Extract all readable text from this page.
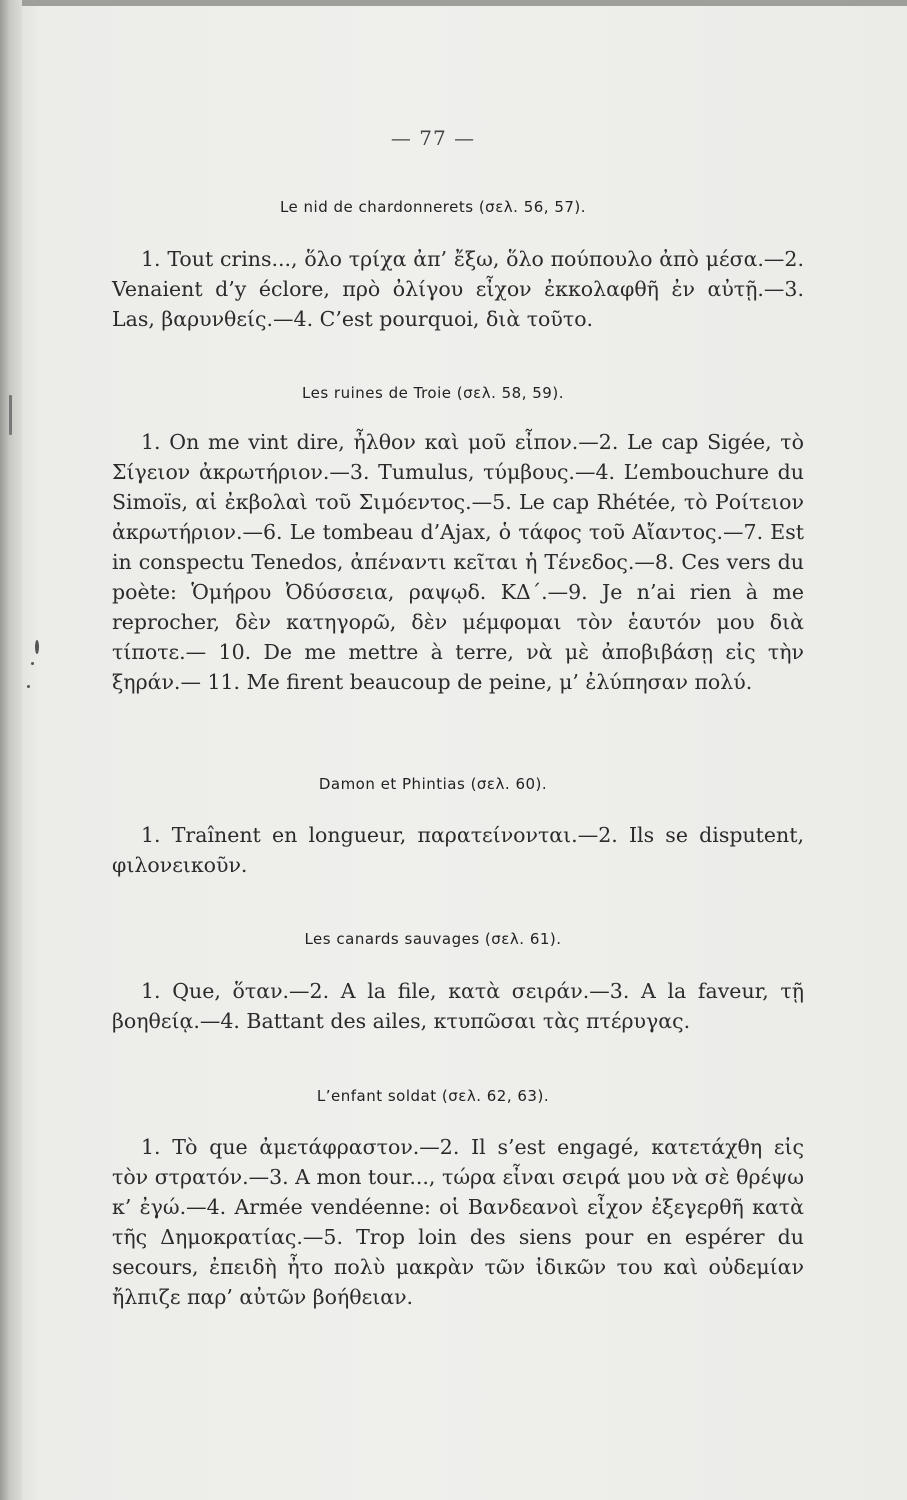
— 77 —
Le nid de chardonnerets (σελ. 56, 57).
1. Tout crins..., ὅλο τρίχα ἀπ’ ἔξω, ὅλο πούπουλο ἀπὸ μέσα.—2. Venaient d’y éclore, πρὸ ὀλίγου εἶχον ἐκκολαφθῆ ἐν αὐτῇ.—3. Las, βαρυνθείς.—4. C’est pourquoi, διὰ τοῦτο.
Les ruines de Troie (σελ. 58, 59).
1. On me vint dire, ἦλθον καὶ μοῦ εἶπον.—2. Le cap Sigée, τὸ Σίγειον ἀκρωτήριον.—3. Tumulus, τύμβους.—4. L’embouchure du Simoïs, αἱ ἐκβολαὶ τοῦ Σιμόεντος.—5. Le cap Rhétée, τὸ Ροίτειον ἀκρωτήριον.—6. Le tombeau d’Ajax, ὁ τάφος τοῦ Αἴαντος.—7. Est in conspectu Tenedos, ἀπέναντι κεῖται ἡ Τένεδος.—8. Ces vers du poète: Ὁμήρου Ὀδύσσεια, ραψῳδ. ΚΔ΄.—9. Je n’ai rien à me reprocher, δὲν κατηγορῶ, δὲν μέμφομαι τὸν ἑαυτόν μου διὰ τίποτε.— 10. De me mettre à terre, νὰ μὲ ἀποβιβάσῃ εἰς τὴν ξηράν.— 11. Me firent beaucoup de peine, μ’ ἐλύπησαν πολύ.
Damon et Phintias (σελ. 60).
1. Traînent en longueur, παρατείνονται.—2. Ils se disputent, φιλονεικοῦν.
Les canards sauvages (σελ. 61).
1. Que, ὅταν.—2. A la file, κατὰ σειράν.—3. A la faveur, τῇ βοηθείᾳ.—4. Battant des ailes, κτυπῶσαι τὰς πτέρυγας.
L’enfant soldat (σελ. 62, 63).
1. Tò que ἀμετάφραστον.—2. Il s’est engagé, κατετάχθη εἰς τὸν στρατόν.—3. A mon tour..., τώρα εἶναι σειρά μου νὰ σὲ θρέψω κ’ ἐγώ.—4. Armée vendéenne: οἱ Βανδεανοὶ εἶχον ἐξεγερθῆ κατὰ τῆς Δημοκρατίας.—5. Trop loin des siens pour en espérer du secours, ἐπειδὴ ἦτο πολὺ μακρὰν τῶν ἰδικῶν του καὶ οὐδεμίαν ἤλπιζε παρ’ αὐτῶν βοήθειαν.
